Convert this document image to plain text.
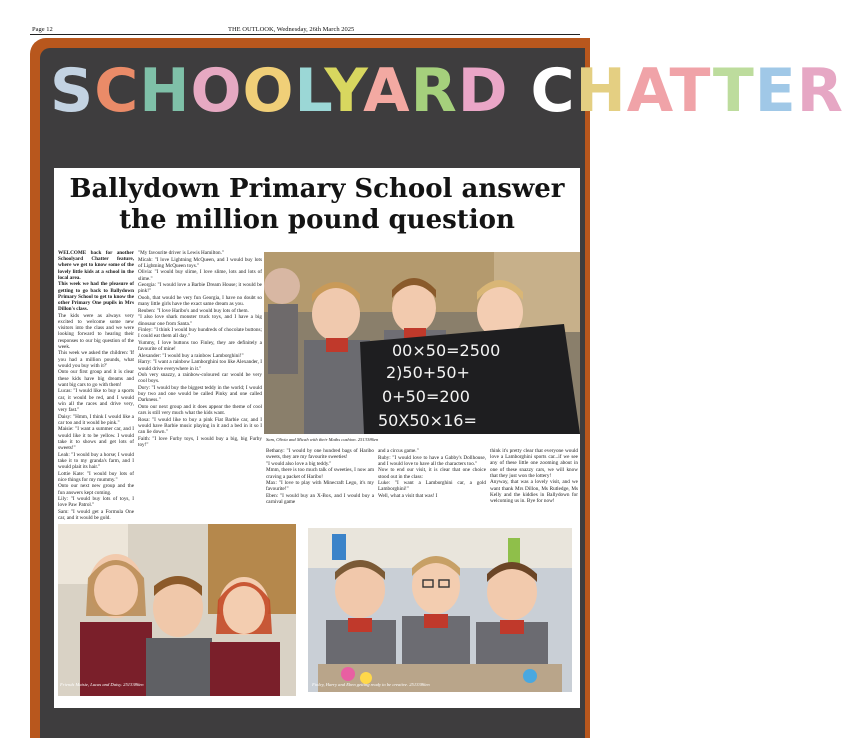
Page 12	THE OUTLOOK, Wednesday, 26th March 2025
SCHOOLYARD CHATTER
Ballydown Primary School answer
the million pound question

WELCOME back for another Schoolyard Chatter feature, where we get to know some of the lovely little kids at a school in the local area.

This week we had the pleasure of getting to go back to Ballydown Primary School to get to know the other Primary One pupils in Mrs Dillon's class.

The kids were as always very excited to welcome some new visitors into the class and we were looking forward to hearing their responses to our big question of the week.

This week we asked the children: 'If you had a million pounds, what would you buy with it?'

Onto our first group and it is clear these kids have big dreams and want big cars to go with them!

Lucas: "I would like to buy a sports car, it would be red, and I would win all the races and drive very, very fast."

Daisy: "Hmm, I think I would like a car too and it would be pink."

Maisie: "I want a summer car, and I would like it to be yellow. I would take it to shows and get lots of sweets!"

Leah: "I would buy a horse; I would take it to my granda's farm, and I would plait its hair."

Lottie Kate: "I would buy lots of nice things for my mummy."

Onto our next new group and the fun answers kept coming.

Lily: "I would buy lots of toys, I love Paw Patrol."

Sam: "I would get a Formula One car, and it would be gold.

"My favourite driver is Lewis Hamilton."

Micah: "I love Lightning McQueen, and I would buy lots of Lightning McQueen toys."

Olivia: "I would buy slime, I love slime, lots and lots of slime."

Georgia: "I would love a Barbie Dream House; it would be pink!"

Oooh, that would be very fun Georgia, I have no doubt so many little girls have the exact same dream as you.

Reuben: "I love Haribo's and would buy lots of them.

"I also love shark monster truck toys, and I have a big dinosaur one from Santa."

Finley: "I think I would buy hundreds of chocolate buttons; I could eat them all day."

Yummy, I love buttons too Finley, they are definitely a favourite of mine!

Alexander: "I would buy a rainbow Lamborghini!"

Harry: "I want a rainbow Lamborghini too like Alexander, I would drive everywhere in it."

Ooh very snazzy, a rainbow-coloured car would be very cool boys.

Dory: "I would buy the biggest teddy in the world; I would buy two and one would be called Pinky and one called Darkness."

Onto our next group and it does appear the theme of cool cars is still very much what the kids want.

Rosa: "I would like to buy a pink Fiat Barbie car, and I would have Barbie music playing in it and a bed in it so I can lie down."

Faith: "I love Furby toys, I would buy a big, big Furby toy!"

00×50=2500
2)50+50+
0+50=200
50X50×16=
Sam, Olivia and Micah with their Maths cushion. 2513386en

Bethany: "I would by one hundred bags of Haribo sweets, they are my favourite sweeties!

"I would also love a big teddy."

Mmm, there is too much talk of sweeties, I now am craving a packet of Haribo!

Max: "I love to play with Minecraft Lego, it's my favourite!"

Eben: "I would buy an X-Box, and I would buy a carnival game

and a circus game."

Ruby: "I would love to have a Gabby's Dollhouse, and I would love to have all the characters too."

Now to end our visit, it is clear that one choice stood out in the class:

Luke: "I want a Lamborghini car, a gold Lamborghini!"

Well, what a visit that was! I

think it's pretty clear that everyone would love a Lamborghini sports car...if we see any of these little one zooming about in one of these snazzy cars, we will know that they just won the lottery!

Anyway, that was a lovely visit, and we want thank Mrs Dillon, Ms Rutledge, Ms Kelly and the kiddies in Ballydown for welcoming us in. Bye for now!

Friends Maisie, Lucas and Daisy. 2513386en	Finley, Harry and Eben getting ready to be creative. 2513386en
